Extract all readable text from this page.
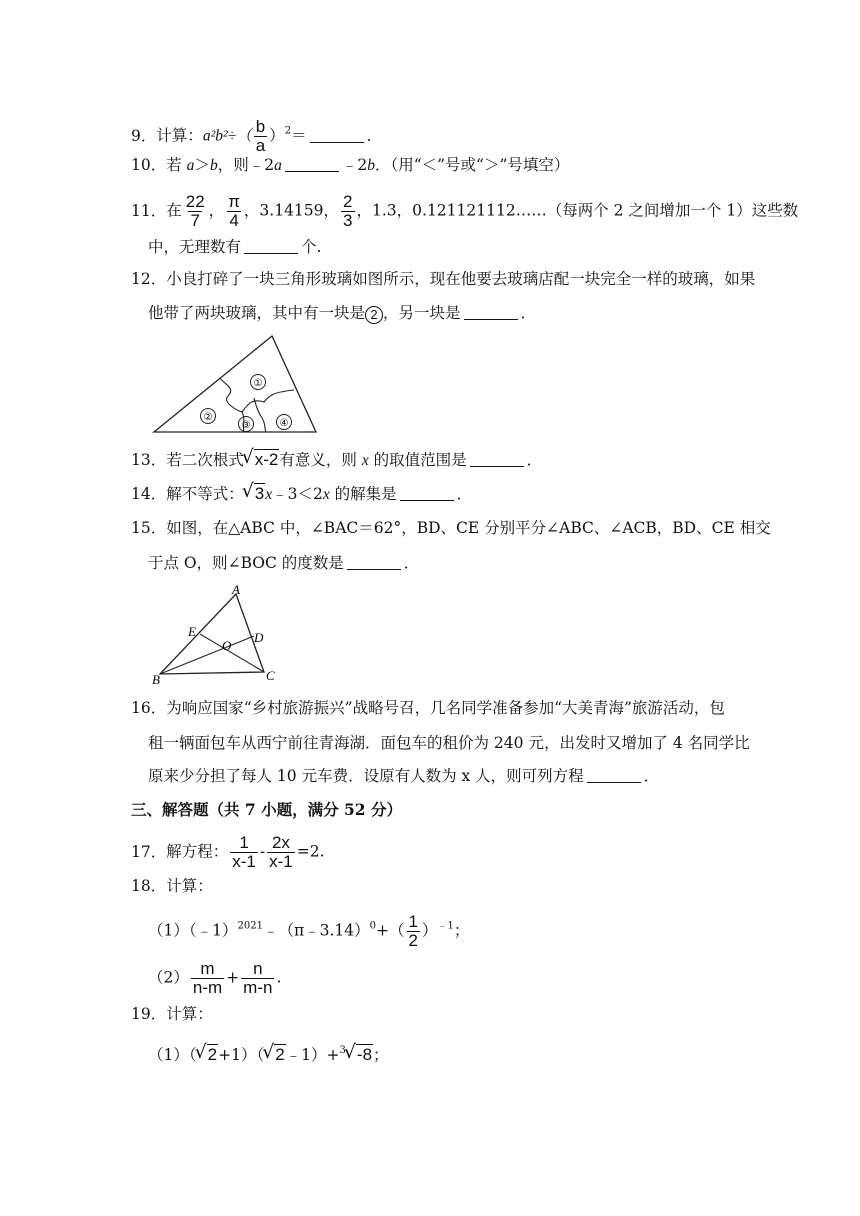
9．计算：$a^2b^2\div( \frac{b}{a} )^2=$	．
10．若 a＞b，则﹣2a	﹣2b．（用“＜”号或“＞”号填空）
11．在 $\frac{22}{7}$ ， $\frac{\pi}{4}$ ，3.14159， $\frac{2}{3}$ ，1.3，0.121121112……（每两个 2 之间增加一个 1）这些数
中，无理数有	个.
12．小良打碎了一块三角形玻璃如图所示，现在他要去玻璃店配一块完全一样的玻璃，如果
他带了两块玻璃，其中有一块是 2 ，另一块是	．
①
②
③	④
13．若二次根式 √ x-2有意义，则 x 的取值范围是	．
14．解不等式： √ 3x﹣3＜2x 的解集是	．
15．如图，在△ABC 中，∠BAC＝62°，BD、CE 分别平分∠ABC、∠ACB，BD、CE 相交
于点 O，则∠BOC 的度数是	．
A
B	C
D
E
O
16．为响应国家“乡村旅游振兴”战略号召，几名同学准备参加“大美青海”旅游活动，包
租一辆面包车从西宁前往青海湖．面包车的租价为 240 元，出发时又增加了 4 名同学比
原来少分担了每人 10 元车费．设原有人数为 x 人，则可列方程	．
三、解答题（共 7 小题，满分 52 分）
17．解方程： $\frac{1}{x-1} - \frac{2x}{x-1} =2$.
18．计算：
（1）（﹣1）$^{2021}$﹣（π﹣3.14）$^0$+（ $\frac{1}{2} )^{﹣1}$；
$(2) \frac{m}{n-m} + \frac{n}{m-n}$ .
19．计算：
（1）（ √ 2+1）（ √ 2﹣1）+$^3$ √ -8；
